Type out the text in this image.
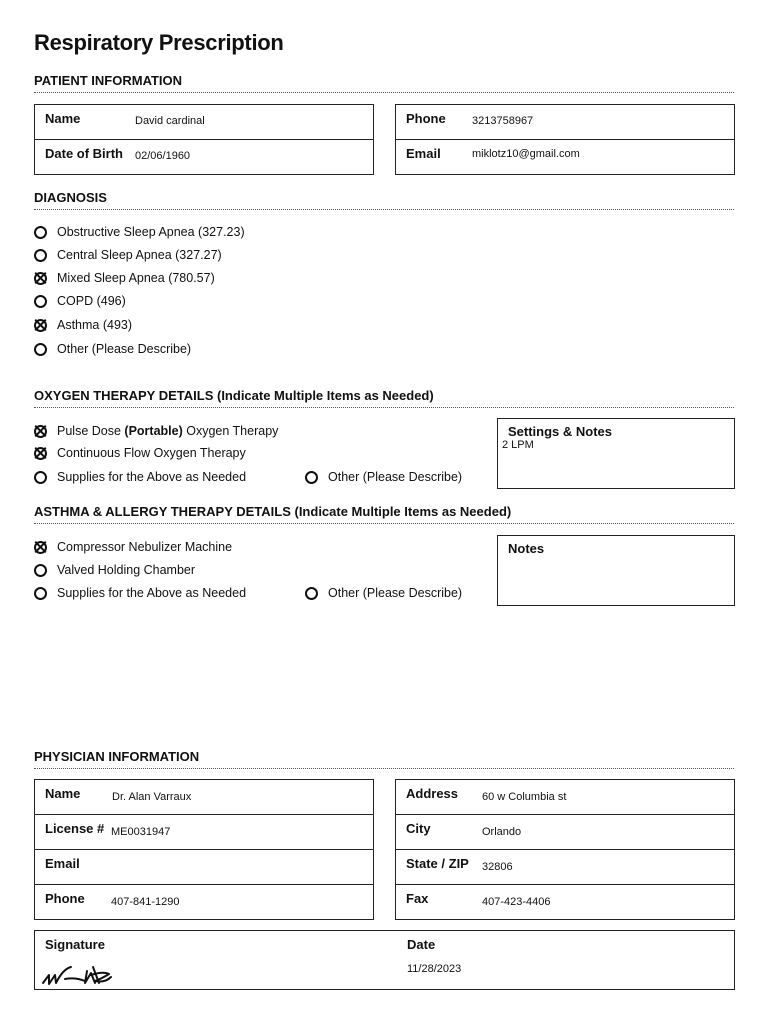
Respiratory Prescription
PATIENT INFORMATION
Name	David cardinal
Date of Birth 02/06/1960
Phone 3213758967
Email	miklotz10@gmail.com
DIAGNOSIS
Obstructive Sleep Apnea (327.23)
Central Sleep Apnea (327.27)
Mixed Sleep Apnea (780.57)
COPD (496)
Asthma (493)
Other (Please Describe)
OXYGEN THERAPY DETAILS (Indicate Multiple Items as Needed)
Pulse Dose (Portable) Oxygen Therapy
Continuous Flow Oxygen Therapy
Supplies for the Above as Needed	Other (Please Describe)
Settings & Notes
2 LPM
ASTHMA & ALLERGY THERAPY DETAILS (Indicate Multiple Items as Needed)
Compressor Nebulizer Machine
Valved Holding Chamber
Supplies for the Above as Needed	Other (Please Describe)
Notes
PHYSICIAN INFORMATION
Name	Dr. Alan Varraux
License # ME0031947
Email
Phone 407-841-1290
Address 60 w Columbia st
City	Orlando
State / ZIP 32806
Fax	407-423-4406
Signature	Date
11/28/2023
